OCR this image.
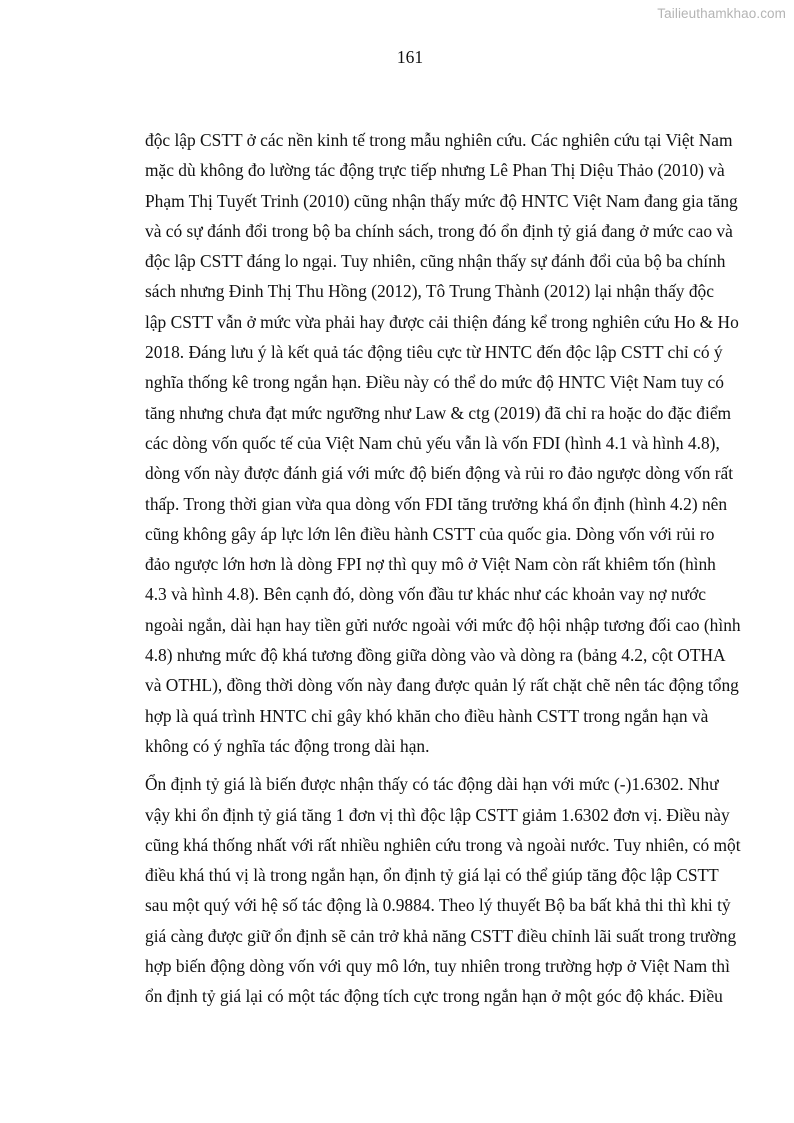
Tailieuthamkhao.com
161
độc lập CSTT ở các nền kinh tế trong mẫu nghiên cứu. Các nghiên cứu tại Việt Nam
mặc dù không đo lường tác động trực tiếp nhưng Lê Phan Thị Diệu Thảo (2010) và
Phạm Thị Tuyết Trinh (2010) cũng nhận thấy mức độ HNTC Việt Nam đang gia tăng
và có sự đánh đổi trong bộ ba chính sách, trong đó ổn định tỷ giá đang ở mức cao và
độc lập CSTT đáng lo ngại. Tuy nhiên, cũng nhận thấy sự đánh đổi của bộ ba chính
sách nhưng Đinh Thị Thu Hồng (2012), Tô Trung Thành (2012) lại nhận thấy độc
lập CSTT vẫn ở mức vừa phải hay được cải thiện đáng kể trong nghiên cứu Ho & Ho
2018. Đáng lưu ý là kết quả tác động tiêu cực từ HNTC đến độc lập CSTT chỉ có ý
nghĩa thống kê trong ngắn hạn. Điều này có thể do mức độ HNTC Việt Nam tuy có
tăng nhưng chưa đạt mức ngưỡng như Law & ctg (2019) đã chỉ ra hoặc do đặc điểm
các dòng vốn quốc tế của Việt Nam chủ yếu vẫn là vốn FDI (hình 4.1 và hình 4.8),
dòng vốn này được đánh giá với mức độ biến động và rủi ro đảo ngược dòng vốn rất
thấp. Trong thời gian vừa qua dòng vốn FDI tăng trưởng khá ổn định (hình 4.2) nên
cũng không gây áp lực lớn lên điều hành CSTT của quốc gia. Dòng vốn với rủi ro
đảo ngược lớn hơn là dòng FPI nợ thì quy mô ở Việt Nam còn rất khiêm tốn (hình
4.3 và hình 4.8). Bên cạnh đó, dòng vốn đầu tư khác như các khoản vay nợ nước
ngoài ngắn, dài hạn hay tiền gửi nước ngoài với mức độ hội nhập tương đối cao (hình
4.8) nhưng mức độ khá tương đồng giữa dòng vào và dòng ra (bảng 4.2, cột OTHA
và OTHL), đồng thời dòng vốn này đang được quản lý rất chặt chẽ nên tác động tổng
hợp là quá trình HNTC chỉ gây khó khăn cho điều hành CSTT trong ngắn hạn và
không có ý nghĩa tác động trong dài hạn.
Ổn định tỷ giá là biến được nhận thấy có tác động dài hạn với mức (-)1.6302. Như
vậy khi ổn định tỷ giá tăng 1 đơn vị thì độc lập CSTT giảm 1.6302 đơn vị. Điều này
cũng khá thống nhất với rất nhiều nghiên cứu trong và ngoài nước. Tuy nhiên, có một
điều khá thú vị là trong ngắn hạn, ổn định tỷ giá lại có thể giúp tăng độc lập CSTT
sau một quý với hệ số tác động là 0.9884. Theo lý thuyết Bộ ba bất khả thi thì khi tỷ
giá càng được giữ ổn định sẽ cản trở khả năng CSTT điều chỉnh lãi suất trong trường
hợp biến động dòng vốn với quy mô lớn, tuy nhiên trong trường hợp ở Việt Nam thì
ổn định tỷ giá lại có một tác động tích cực trong ngắn hạn ở một góc độ khác. Điều
